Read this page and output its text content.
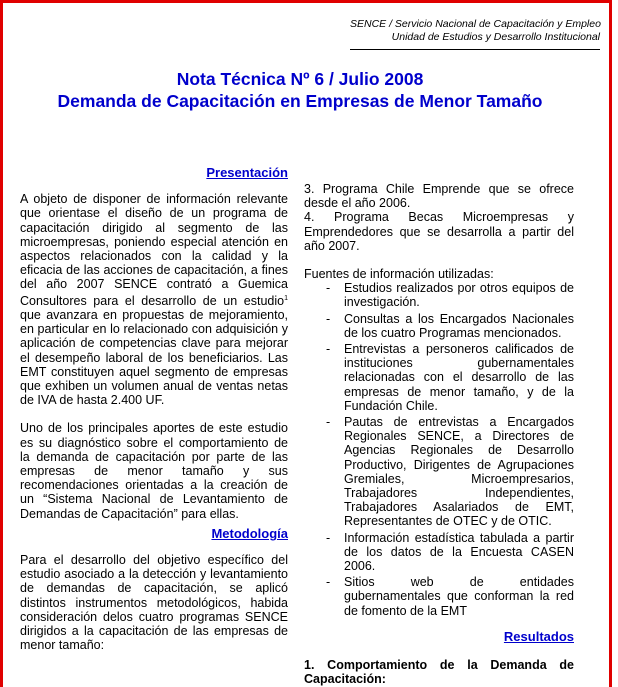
SENCE / Servicio Nacional de Capacitación y Empleo
Unidad de Estudios y Desarrollo Institucional
Nota Técnica Nº 6 / Julio 2008
Demanda de Capacitación en Empresas de Menor Tamaño
Presentación

A objeto de disponer de información relevante que orientase el diseño de un programa de capacitación dirigido al segmento de las microempresas, poniendo especial atención en aspectos relacionados con la calidad y la eficacia de las acciones de capacitación, a fines del año 2007 SENCE contrató a Guemica Consultores para el desarrollo de un estudio$^1$ que avanzara en propuestas de mejoramiento, en particular en lo relacionado con adquisición y aplicación de competencias clave para mejorar el desempeño laboral de los beneficiarios. Las EMT constituyen aquel segmento de empresas que exhiben un volumen anual de ventas netas de IVA de hasta 2.400 UF.

Uno de los principales aportes de este estudio es su diagnóstico sobre el comportamiento de la demanda de capacitación por parte de las empresas de menor tamaño y sus recomendaciones orientadas a la creación de un “Sistema Nacional de Levantamiento de Demandas de Capacitación” para ellas.

Metodología

Para el desarrollo del objetivo específico del estudio asociado a la detección y levantamiento de demandas de capacitación, se aplicó distintos instrumentos metodológicos, habida consideración delos cuatro programas SENCE dirigidos a la capacitación de las empresas de menor tamaño:

3. Programa Chile Emprende que se ofrece desde el año 2006.

4. Programa Becas Microempresas y Emprendedores que se desarrolla a partir del año 2007.

Fuentes de información utilizadas:

- Estudios realizados por otros equipos de investigación.
- Consultas a los Encargados Nacionales de los cuatro Programas mencionados.
- Entrevistas a personeros calificados de instituciones gubernamentales relacionadas con el desarrollo de las empresas de menor tamaño, y de la Fundación Chile.
- Pautas de entrevistas a Encargados Regionales SENCE, a Directores de Agencias Regionales de Desarrollo Productivo, Dirigentes de Agrupaciones Gremiales, Microempresarios, Trabajadores Independientes, Trabajadores Asalariados de EMT, Representantes de OTEC y de OTIC.
- Información estadística tabulada a partir de los datos de la Encuesta CASEN 2006.
- Sitios web de entidades gubernamentales que conforman la red de fomento de la EMT
Resultados
1. Comportamiento de la Demanda de Capacitación:
